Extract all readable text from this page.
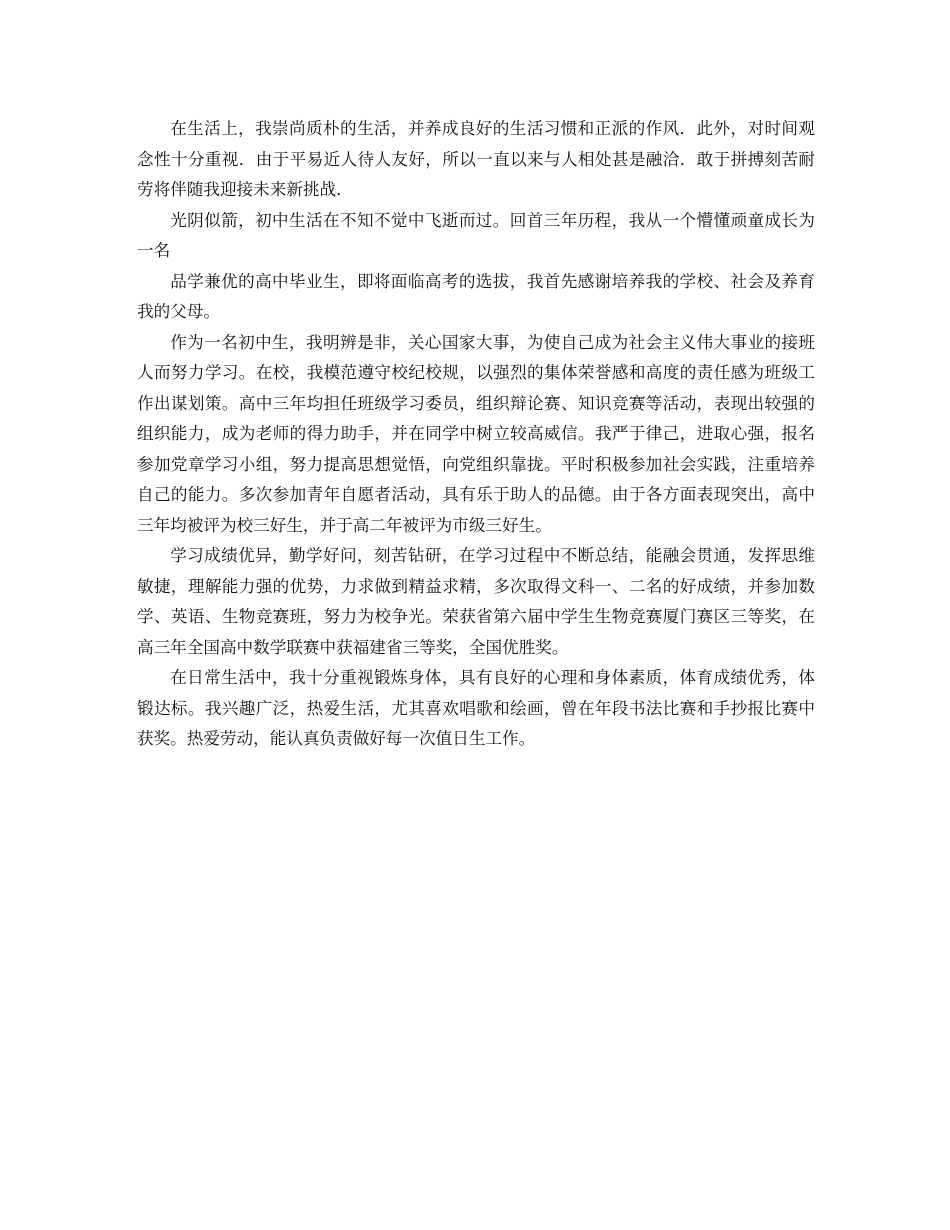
在生活上，我崇尚质朴的生活，并养成良好的生活习惯和正派的作风．此外，对时间观念性十分重视．由于平易近人待人友好，所以一直以来与人相处甚是融洽．敢于拼搏刻苦耐劳将伴随我迎接未来新挑战．

光阴似箭，初中生活在不知不觉中飞逝而过。回首三年历程，我从一个懵懂顽童成长为一名

品学兼优的高中毕业生，即将面临高考的选拔，我首先感谢培养我的学校、社会及养育我的父母。

作为一名初中生，我明辨是非，关心国家大事，为使自己成为社会主义伟大事业的接班人而努力学习。在校，我模范遵守校纪校规，以强烈的集体荣誉感和高度的责任感为班级工作出谋划策。高中三年均担任班级学习委员，组织辩论赛、知识竞赛等活动，表现出较强的组织能力，成为老师的得力助手，并在同学中树立较高威信。我严于律己，进取心强，报名参加党章学习小组，努力提高思想觉悟，向党组织靠拢。平时积极参加社会实践，注重培养自己的能力。多次参加青年自愿者活动，具有乐于助人的品德。由于各方面表现突出，高中三年均被评为校三好生，并于高二年被评为市级三好生。

学习成绩优异，勤学好问，刻苦钻研，在学习过程中不断总结，能融会贯通，发挥思维敏捷，理解能力强的优势，力求做到精益求精，多次取得文科一、二名的好成绩，并参加数学、英语、生物竞赛班，努力为校争光。荣获省第六届中学生生物竞赛厦门赛区三等奖，在高三年全国高中数学联赛中获福建省三等奖，全国优胜奖。

在日常生活中，我十分重视锻炼身体，具有良好的心理和身体素质，体育成绩优秀，体锻达标。我兴趣广泛，热爱生活，尤其喜欢唱歌和绘画，曾在年段书法比赛和手抄报比赛中获奖。热爱劳动，能认真负责做好每一次值日生工作。
